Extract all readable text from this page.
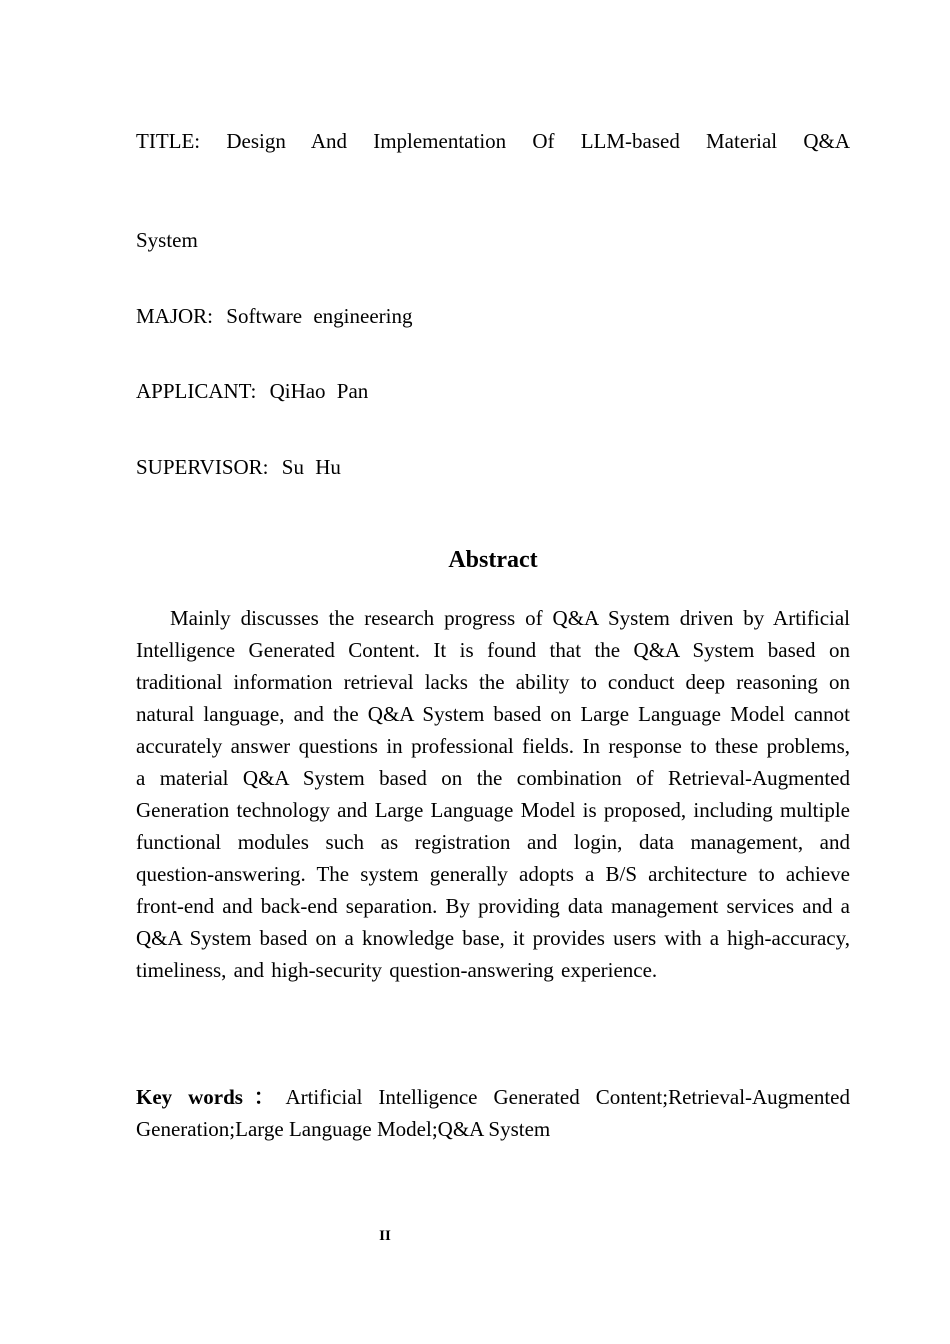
TITLE: Design And Implementation Of LLM-based Material Q&A
System
MAJOR: Software engineering
APPLICANT: QiHao Pan
SUPERVISOR: Su Hu
Abstract

Mainly discusses the research progress of Q&A System driven by Artificial Intelligence Generated Content. It is found that the Q&A System based on traditional information retrieval lacks the ability to conduct deep reasoning on natural language, and the Q&A System based on Large Language Model cannot accurately answer questions in professional fields. In response to these problems, a material Q&A System based on the combination of Retrieval-Augmented Generation technology and Large Language Model is proposed, including multiple functional modules such as registration and login, data management, and question-answering. The system generally adopts a B/S architecture to achieve front-end and back-end separation. By providing data management services and a Q&A System based on a knowledge base, it provides users with a high-accuracy, timeliness, and high-security question-answering experience.

Key words：Artificial Intelligence Generated Content;Retrieval-Augmented Generation;Large Language Model;Q&A System

II
